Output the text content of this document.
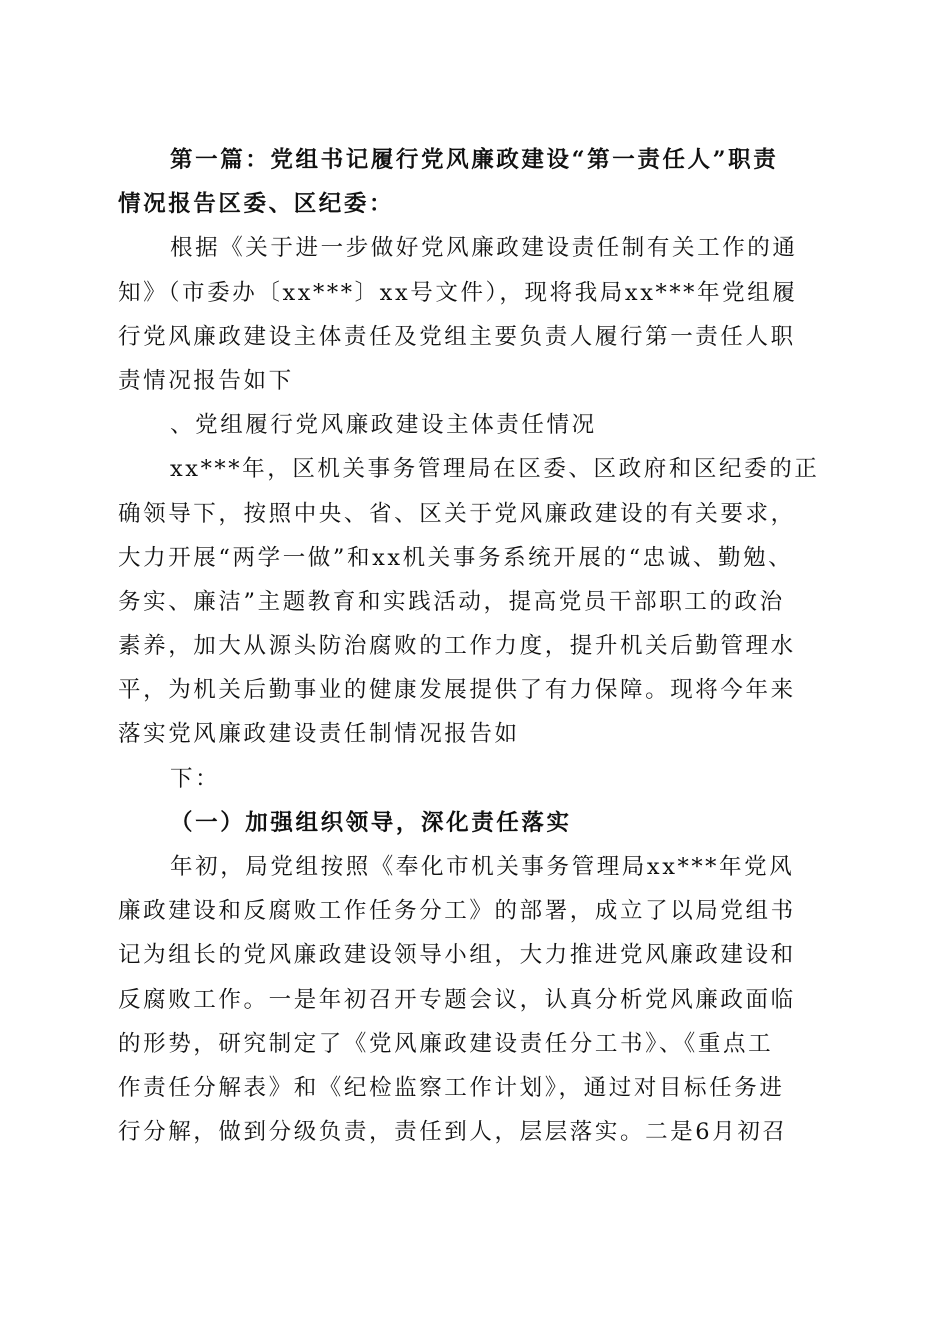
第一篇：党组书记履行党风廉政建设“第一责任人”职责
情况报告区委、区纪委：
根据《关于进一步做好党风廉政建设责任制有关工作的通
知》（市委办〔xx***〕xx号文件），现将我局xx***年党组履
行党风廉政建设主体责任及党组主要负责人履行第一责任人职
责情况报告如下
、党组履行党风廉政建设主体责任情况
xx***年，区机关事务管理局在区委、区政府和区纪委的正
确领导下，按照中央、省、区关于党风廉政建设的有关要求，
大力开展“两学一做”和xx机关事务系统开展的“忠诚、勤勉、
务实、廉洁”主题教育和实践活动，提高党员干部职工的政治
素养，加大从源头防治腐败的工作力度，提升机关后勤管理水
平，为机关后勤事业的健康发展提供了有力保障。现将今年来
落实党风廉政建设责任制情况报告如
下：
（一）加强组织领导，深化责任落实
年初，局党组按照《奉化市机关事务管理局xx***年党风
廉政建设和反腐败工作任务分工》的部署，成立了以局党组书
记为组长的党风廉政建设领导小组，大力推进党风廉政建设和
反腐败工作。一是年初召开专题会议，认真分析党风廉政面临
的形势，研究制定了《党风廉政建设责任分工书》、《重点工
作责任分解表》和《纪检监察工作计划》，通过对目标任务进
行分解，做到分级负责，责任到人，层层落实。二是6月初召
